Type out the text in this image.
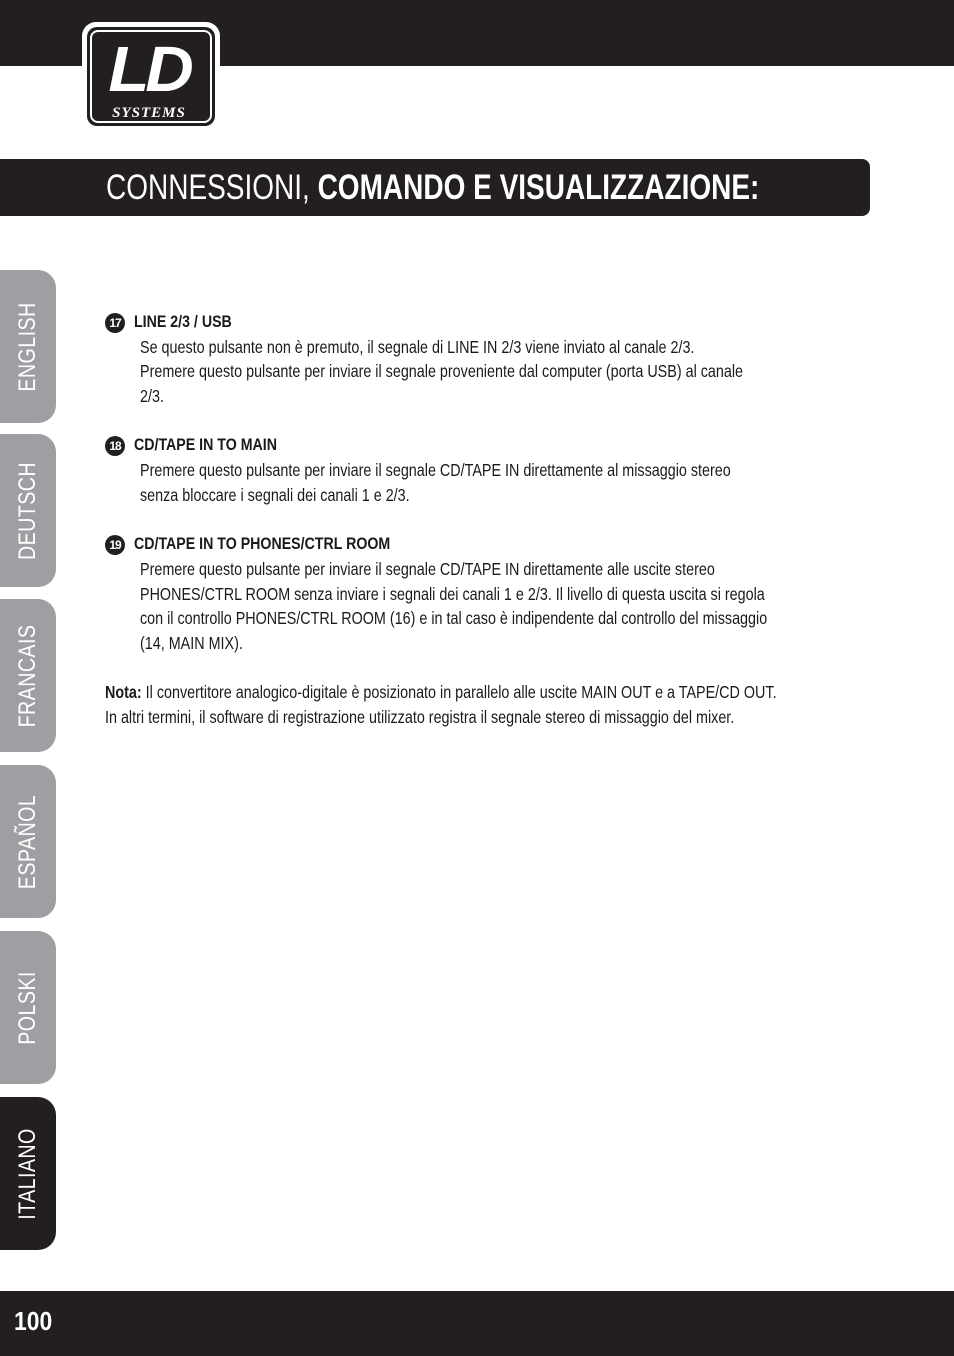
LD
SYSTEMS
CONNESSIONI, COMANDO E VISUALIZZAZIONE:
ENGLISH
DEUTSCH
FRANCAIS
ESPAÑOL
POLSKI
ITALIANO
17 LINE 2/3 / USB
Se questo pulsante non è premuto, il segnale di LINE IN 2/3 viene inviato al canale 2/3.
Premere questo pulsante per inviare il segnale proveniente dal computer (porta USB) al canale
2/3.
18 CD/TAPE IN TO MAIN
Premere questo pulsante per inviare il segnale CD/TAPE IN direttamente al missaggio stereo
senza bloccare i segnali dei canali 1 e 2/3.
19 CD/TAPE IN TO PHONES/CTRL ROOM
Premere questo pulsante per inviare il segnale CD/TAPE IN direttamente alle uscite stereo
PHONES/CTRL ROOM senza inviare i segnali dei canali 1 e 2/3. Il livello di questa uscita si regola
con il controllo PHONES/CTRL ROOM (16) e in tal caso è indipendente dal controllo del missaggio
(14, MAIN MIX).
Nota: Il convertitore analogico-digitale è posizionato in parallelo alle uscite MAIN OUT e a TAPE/CD OUT.
In altri termini, il software di registrazione utilizzato registra il segnale stereo di missaggio del mixer.
100
